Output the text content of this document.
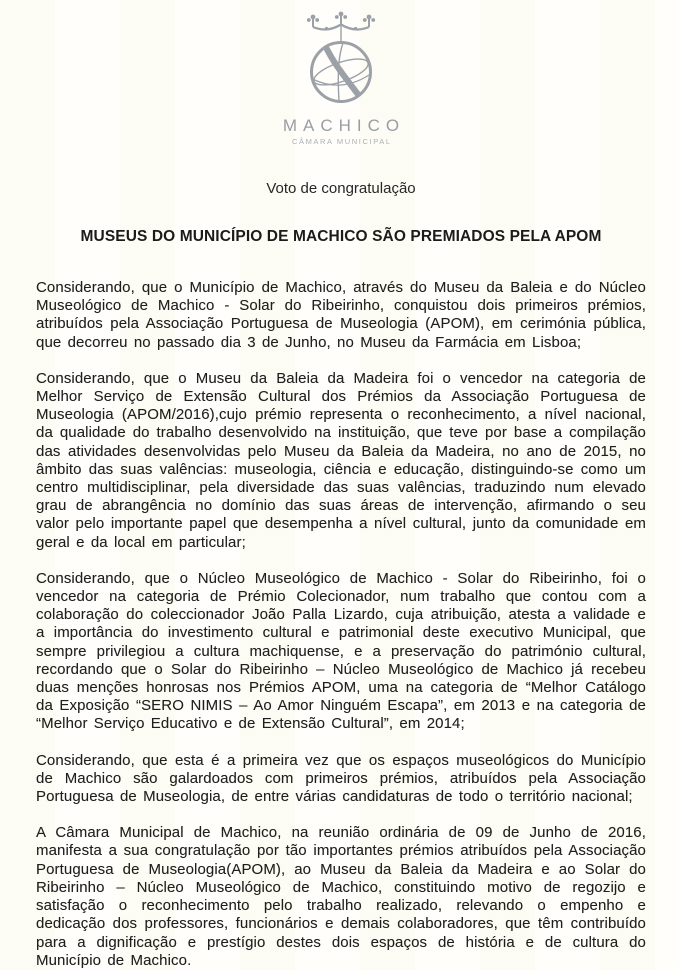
MACHICO
CÂMARA MUNICIPAL
Voto de congratulação
MUSEUS DO MUNICÍPIO DE MACHICO SÃO PREMIADOS PELA APOM

Considerando, que o Município de Machico, através do Museu da Baleia e do Núcleo Museológico de Machico - Solar do Ribeirinho, conquistou dois primeiros prémios, atribuídos pela Associação Portuguesa de Museologia (APOM), em cerimónia pública, que decorreu no passado dia 3 de Junho, no Museu da Farmácia em Lisboa;

Considerando, que o Museu da Baleia da Madeira foi o vencedor na categoria de Melhor Serviço de Extensão Cultural dos Prémios da Associação Portuguesa de Museologia (APOM/2016),cujo prémio representa o reconhecimento, a nível nacional, da qualidade do trabalho desenvolvido na instituição, que teve por base a compilação das atividades desenvolvidas pelo Museu da Baleia da Madeira, no ano de 2015, no âmbito das suas valências: museologia, ciência e educação, distinguindo-se como um centro multidisciplinar, pela diversidade das suas valências, traduzindo num elevado grau de abrangência no domínio das suas áreas de intervenção, afirmando o seu valor pelo importante papel que desempenha a nível cultural, junto da comunidade em geral e da local em particular;

Considerando, que o Núcleo Museológico de Machico - Solar do Ribeirinho, foi o vencedor na categoria de Prémio Colecionador, num trabalho que contou com a colaboração do coleccionador João Palla Lizardo, cuja atribuição, atesta a validade e a importância do investimento cultural e patrimonial deste executivo Municipal, que sempre privilegiou a cultura machiquense, e a preservação do património cultural, recordando que o Solar do Ribeirinho – Núcleo Museológico de Machico já recebeu duas menções honrosas nos Prémios APOM, uma na categoria de “Melhor Catálogo da Exposição “SERO NIMIS – Ao Amor Ninguém Escapa”, em 2013 e na categoria de “Melhor Serviço Educativo e de Extensão Cultural”, em 2014;

Considerando, que esta é a primeira vez que os espaços museológicos do Município de Machico são galardoados com primeiros prémios, atribuídos pela Associação Portuguesa de Museologia, de entre várias candidaturas de todo o território nacional;

A Câmara Municipal de Machico, na reunião ordinária de 09 de Junho de 2016, manifesta a sua congratulação por tão importantes prémios atribuídos pela Associação Portuguesa de Museologia(APOM), ao Museu da Baleia da Madeira e ao Solar do Ribeirinho – Núcleo Museológico de Machico, constituindo motivo de regozijo e satisfação o reconhecimento pelo trabalho realizado, relevando o empenho e dedicação dos professores, funcionários e demais colaboradores, que têm contribuído para a dignificação e prestígio destes dois espaços de história e de cultura do Município de Machico.
